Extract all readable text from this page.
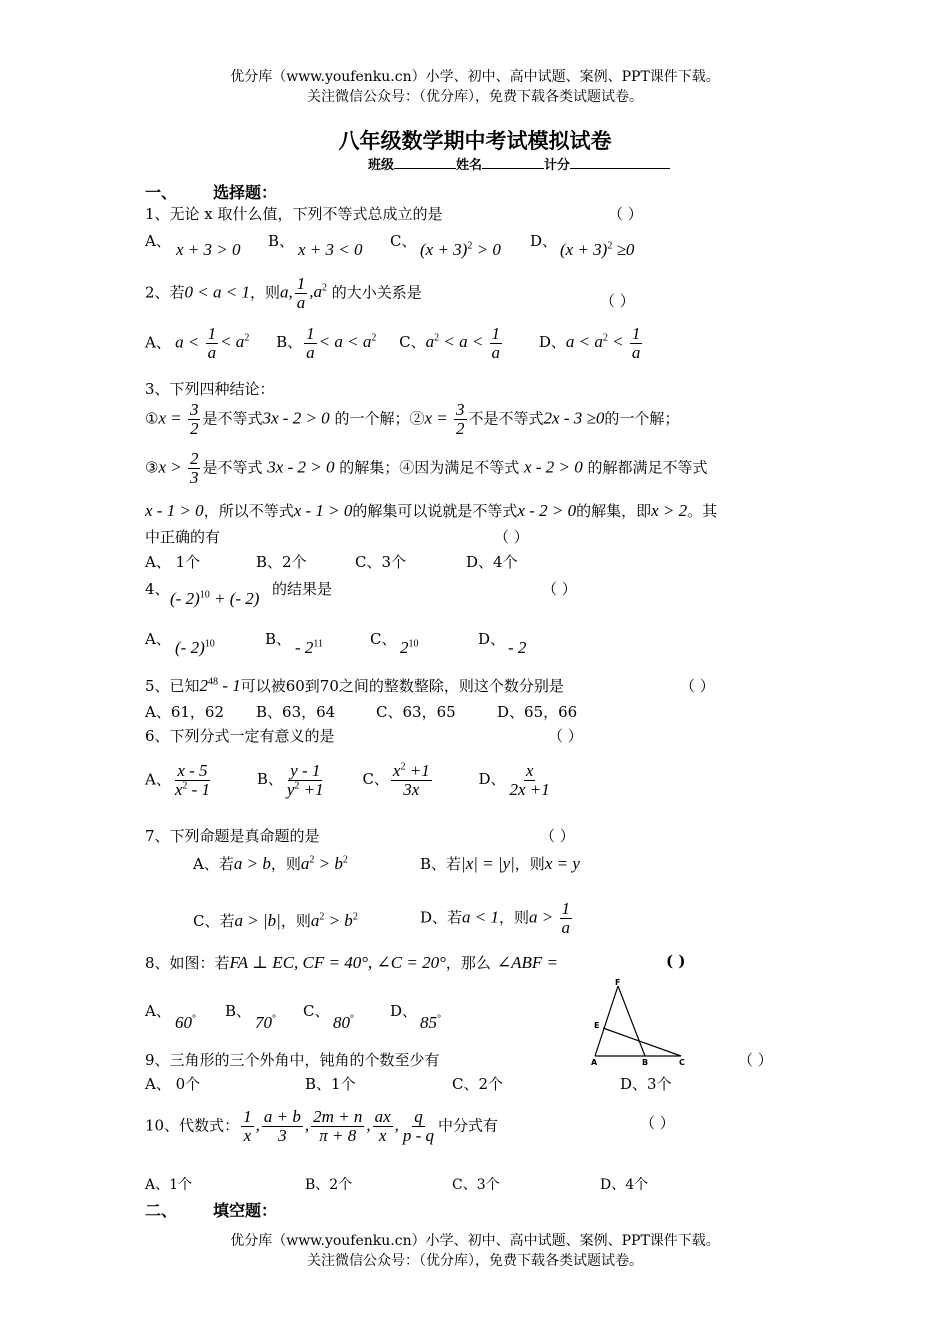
优分库（www.youfenku.cn）小学、初中、高中试题、案例、PPT课件下载。
关注微信公众号：（优分库），免费下载各类试题试卷。
八年级数学期中考试模拟试卷
班级	姓名	计分
一、 选择题：
1、无论 x 取什么值，下列不等式总成立的是	（ ）
A、 x + 3 > 0 B、 x + 3 < 0 C、 $(x + 3)^2 > 0$ D、 $(x + 3)^2 \ge 0$
2、若0 < a < 1，则a, $\frac{1}{a} ,a^2$ 的大小关系是	（ ）
A、 $a < \frac{1}{a} < a^2$ B、 $\frac{1}{a} < a < a^2$ C、$a^2 < a < \frac{1}{a}$ D、$a < a^2 < \frac{1}{a}$
3、下列四种结论：
①x = $\frac{3}{2}$ 是不等式3x - 2 > 0 的一个解；②x = $\frac{3}{2}$ 不是不等式2x - 3 ≥0的一个解；
③x > $\frac{2}{3}$ 是不等式 3x - 2 > 0 的解集；④因为满足不等式 x - 2 > 0 的解都满足不等式
x - 1 > 0，所以不等式x - 1 > 0的解集可以说就是不等式x - 2 > 0的解集，即x > 2。其
中正确的有	（ ）
A、 1个	B、2个	C、3个	D、4个
4、 (- 2)$^{10}$ + (- 2) 的结果是	（ ）
A、 (- 2)$^{10}$	B、 - $2^{11}$	C、 $2^{10}$	D、 - 2
5、已知$2^{48} - 1$可以被60到70之间的整数整除，则这个数分别是	（ ）
A、61，62 B、63，64	C、63，65	D、65，66
6、下列分式一定有意义的是	（ ）
A、 $\frac{x - 5}{x^2 - 1}$	B、 $\frac{y - 1}{y^2 +1}$ C、 $\frac{x^2 +1}{3x}$	D、 $\frac{x}{2x +1}$
7、下列命题是真命题的是	（ ）
A、若a > b，则$a^2 > b^2$	B、若|x| = |y|，则x = y
C、若a > |b|，则$a^2 > b^2$	D、若a < 1，则$a > \frac{1}{a}$
8、如图：若FA ⊥ EC, CF = 40°, ∠C = 20°，那么 ∠ABF =	( )
A、
60° B、
70° C、
80° D、
85°
F
E
A	B	C
9、三角形的三个外角中，钝角的个数至少有	（ ）
A、 0个	B、1个	C、2个	D、3个
10、代数式： $\frac{1}{x}$ , $\frac{a + b}{3}$ , $\frac{2m + n}{\pi + 8}$ , $\frac{ax}{x}$ , $\frac{q}{p - q}$ 中分式有	（ ）
A、1个	B、2个	C、3个	D、4个
二、 填空题：
优分库（www.youfenku.cn）小学、初中、高中试题、案例、PPT课件下载。
关注微信公众号：（优分库），免费下载各类试题试卷。
